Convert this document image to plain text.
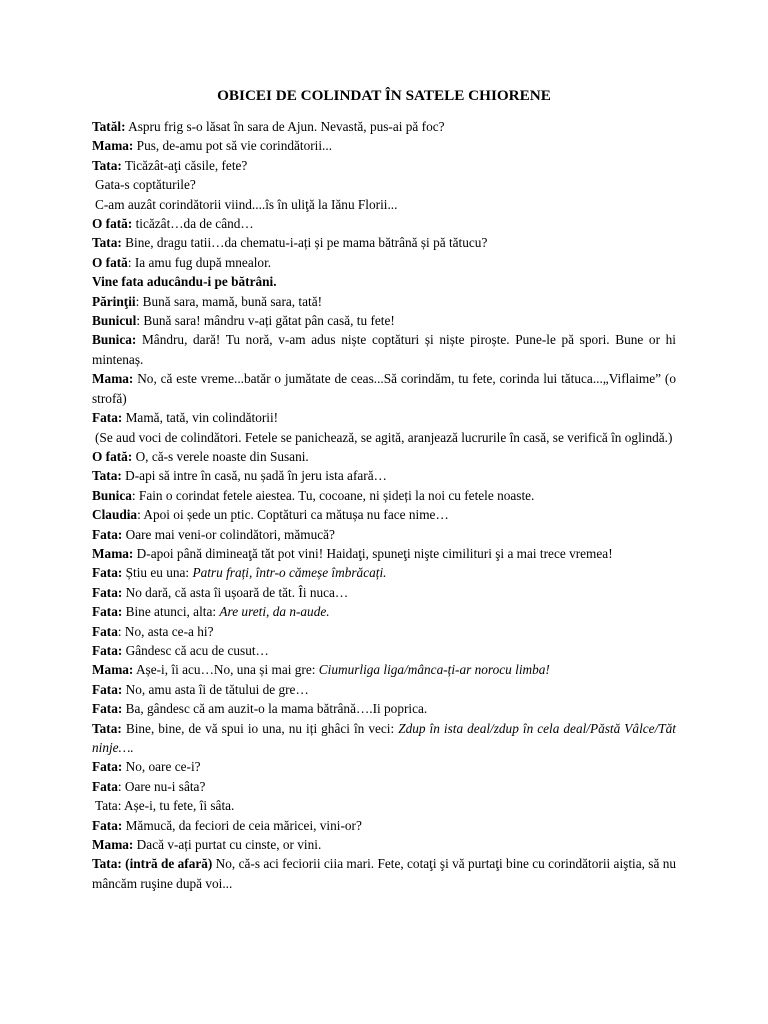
OBICEI DE COLINDAT ÎN SATELE CHIORENE

Tatăl: Aspru frig s-o lăsat în sara de Ajun. Nevastă, pus-ai pă foc?

Mama: Pus, de-amu pot să vie corindătorii...

Tata: Ticăzât-aţi căsile, fete?

Gata-s coptăturile?

C-am auzât corindătorii viind....îs în uliţă la Iănu Florii...

O fată: ticăzât…da de când…

Tata: Bine, dragu tatii…da chematu-i-ați și pe mama bătrână și pă tătucu?

O fată: Ia amu fug după mnealor.

Vine fata aducându-i pe bătrâni.

Părinţii: Bună sara, mamă, bună sara, tată!

Bunicul: Bună sara! mândru v-ați gătat pân casă, tu fete!

Bunica: Mândru, dară! Tu noră, v-am adus niște coptături și niște piroște. Pune-le pă spori. Bune or hi mintenaș.

Mama: No, că este vreme...batăr o jumătate de ceas...Să corindăm, tu fete, corinda lui tătuca...„Viflaime” (o strofă)

Fata: Mamă, tată, vin colindătorii!

(Se aud voci de colindători. Fetele se panichează, se agită, aranjează lucrurile în casă, se verifică în oglindă.)

O fată: O, că-s verele noaste din Susani.

Tata: D-api să intre în casă, nu șadă în jeru ista afară…

Bunica: Fain o corindat fetele aiestea. Tu, cocoane, ni șideți la noi cu fetele noaste.

Claudia: Apoi oi șede un ptic. Coptături ca mătușa nu face nime…

Fata: Oare mai veni-or colindători, mămucă?

Mama: D-apoi până dimineaţă tăt pot vini! Haidaţi, spuneţi nişte cimilituri şi a mai trece vremea!

Fata: Știu eu una: Patru frați, într-o cămeșe îmbrăcați.

Fata: No dară, că asta îi ușoară de tăt. Îi nuca…

Fata: Bine atunci, alta: Are ureti, da n-aude.

Fata: No, asta ce-a hi?

Fata: Gândesc că acu de cusut…

Mama: Așe-i, îi acu…No, una și mai gre: Ciumurliga liga/mânca-ți-ar norocu limba!

Fata: No, amu asta îi de tătului de gre…

Fata: Ba, gândesc că am auzit-o la mama bătrână….Ii poprica.

Tata: Bine, bine, de vă spui io una, nu iți ghâci în veci: Zdup în ista deal/zdup în cela deal/Păstă Vâlce/Tăt ninje….

Fata: No, oare ce-i?

Fata: Oare nu-i sâta?

Tata: Așe-i, tu fete, îi sâta.

Fata: Mămucă, da feciori de ceia măricei, vini-or?

Mama: Dacă v-ați purtat cu cinste, or vini.

Tata: (intră de afară) No, că-s aci feciorii ciia mari. Fete, cotaţi şi vă purtaţi bine cu corindătorii aiştia, să nu mâncăm ruşine după voi...
